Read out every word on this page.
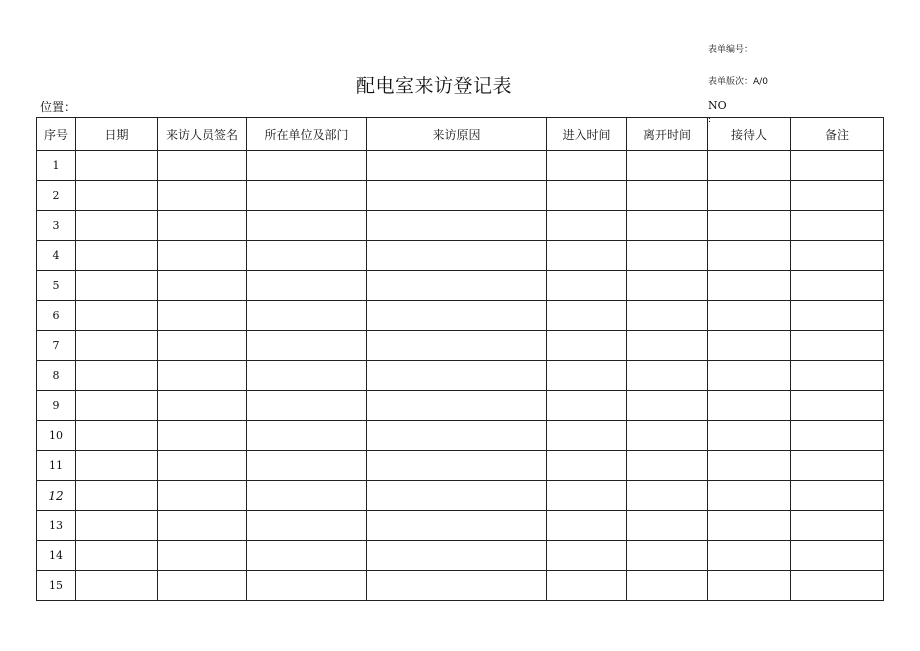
表单编号：
表单版次：A/0
配电室来访登记表
位置：	NO
:
序号	日期	来访人员签名	所在单位及部门	来访原因	进入时间	离开时间	接待人	备注
1								
2								
3								
4								
5								
6								
7								
8								
9								
10								
11								
12								
13								
14								
15								
